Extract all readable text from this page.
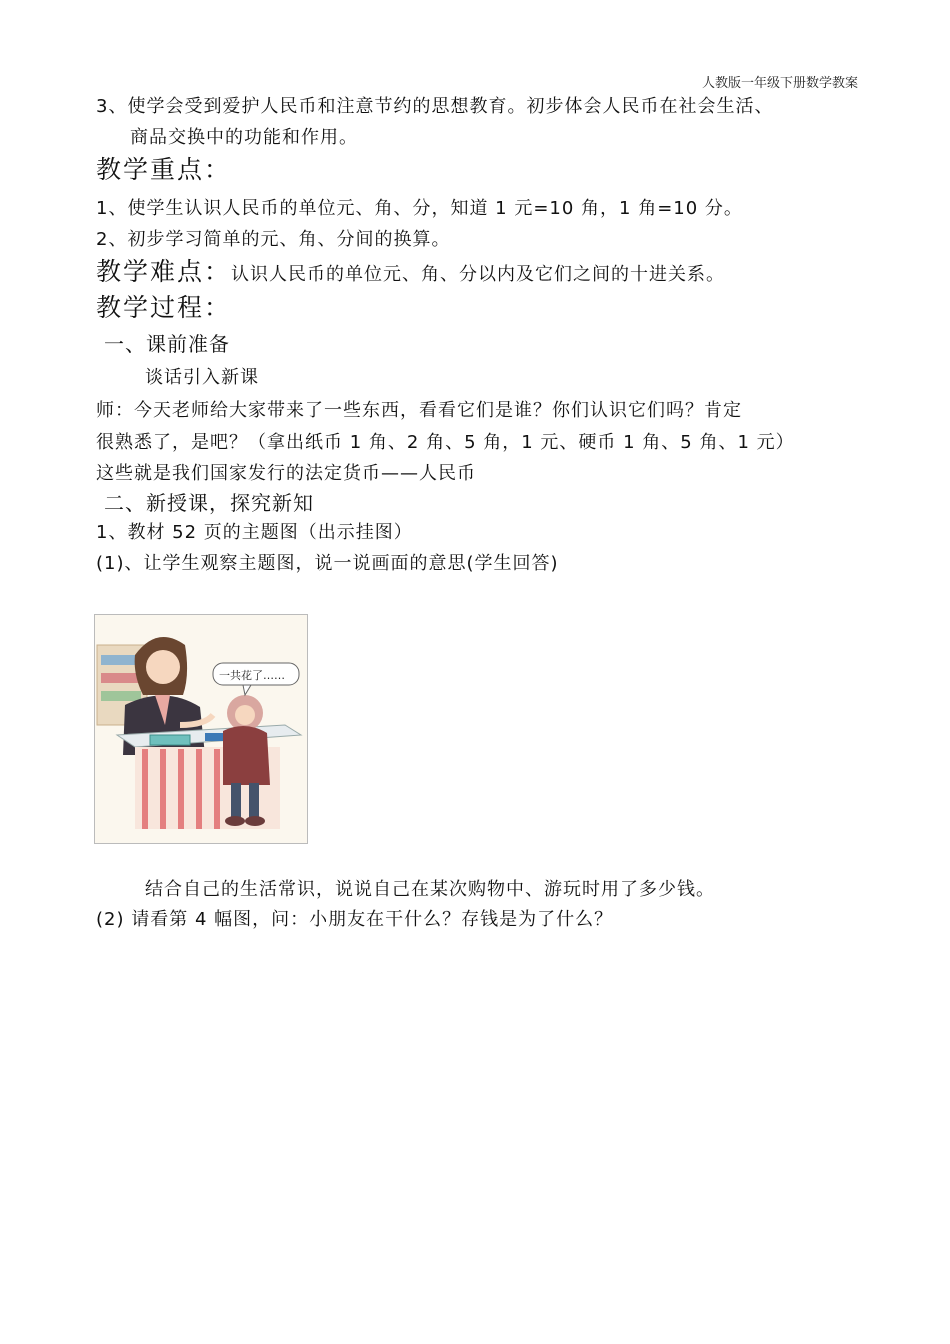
人教版一年级下册数学教案
3、使学会受到爱护人民币和注意节约的思想教育。初步体会人民币在社会生活、
商品交换中的功能和作用。
教学重点：
1、使学生认识人民币的单位元、角、分，知道 1 元=10 角，1 角=10 分。
2、初步学习简单的元、角、分间的换算。
教学难点：认识人民币的单位元、角、分以内及它们之间的十进关系。
教学过程：
一、课前准备
谈话引入新课
师：今天老师给大家带来了一些东西，看看它们是谁？你们认识它们吗？肯定
很熟悉了，是吧？（拿出纸币 1 角、2 角、5 角，1 元、硬币 1 角、5 角、1 元）
这些就是我们国家发行的法定货币——人民币
二、新授课，探究新知
1、教材 52 页的主题图（出示挂图）
(1)、让学生观察主题图，说一说画面的意思(学生回答)
一共花了……
结合自己的生活常识，说说自己在某次购物中、游玩时用了多少钱。
(2) 请看第 4 幅图，问：小朋友在干什么？存钱是为了什么？
